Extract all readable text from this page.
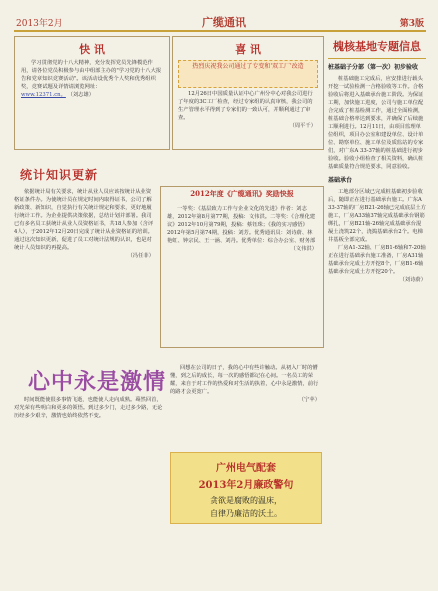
2013年2月	广缆通讯	第3版
快 讯

学习贯彻党的十八大精神，充分发挥党员先锋模范作用，请各位党员积极参与由中组部主办的"学习党的十八大报告和党章知识竞赛活动"。该活动设优秀个人奖和优秀组织奖，竞赛试题及详情请浏览网址：

www.12371.cn。 （刘志雄）
喜 讯
热烈庆祝我公司通过了专变和'双工厂'改造

12月26日中国质量认证中心广州分中心对我公司进行了年度的3C工厂检查，经过专家组的认真审核，我公司的生产管理水平得到了专家们的一致认可，并顺利通过了审查。

（周平千）
统计知识更新

依据统计局有关要求，统计从业人员应该按统计从业资格证条件办。为使统计员在规定时间内取得证书，公司了解新政策、新知识，自觉执行有关统计规定和要求，更好地履行统计工作。为企业提供决策依据，总结计划并部署。我司已有多名员工获统计从业人员资格证书，共18人参加（含评4人），于2012年12月20日完成了统计从业资格证的培训。通过这次知识更新，促进了员工对统计法规的认识，也是对统计人员知识的再提高。

（冯任菲）
2012年度《广缆通讯》奖励快报

一等奖：《基层致力工作与企业文化的先进》作者：刘志雄，2012年第8月第77期，投稿：文伟洪。二等奖：《合理化建议》2012年10月第79期，投稿：蔡钰珠；《我的实习感悟》2012年第5月第74期，投稿：刘芳。优秀通讯员：刘诗蔚、林艳虹、钟宗民、王一涵、刘丹。优秀单位：综合办公室、财务部

（文伟洪）
心中永是激情

时间既能使很多事情飞逝，也能使人走向成熟。蓦然回首，对光荣有些明白和更多的领悟。到过多少门，走过多少路，无论历经多少艰辛，激情也始终依然不变。

回想在公司的日子，我的心中有些许触动。从初入厂时的懵懂，到之后的成长，每一次的感悟都记在心间。一名员工的荣耀，来自于对工作的热爱和对生活的执着，心中永是激情，前行的路才会更宽广。

（宁苹）
广州电气配套
2013年2月廉政警句
贪欲是腐败的温床，
自律乃廉洁的沃土。
槐核基地专题信息
桩基础子分部（第一次）初步验收

桩基础施工完成后，应安排进行载头开挖一试验检测一合格验收等工作。合格验收后将进入基础承台施工阶段。为保证工期，加快施工进度，公司与施工单位配合完成了桩基检测工作，通过全面检测，桩基础合格率达到要求，并确保了后续施工顺利进行。12月11日，由项目监理单位组织，项目办公室和建设单位、设计单位、勘察单位、施工单位及质监站的专家们，对广东A 33-37轴的桩基础进行初步验收。验收小组检查了相关资料，确认桩基础质量符合规范要求，同意验收。

基础承台

工地部分区域已完成桩基础初步验收后，随即正在进行基础承台施工。广东A 33-37轴的厂房B21-26轴已完成底层土方施工，厂房A33轴37轴完成基础承台钢筋绑扎，厂房B21轴-26轴完成基础承台混凝土浇筑22个，浇捣基础承台2个。电梯井基板全部完成。

厂房A1-32轴、厂房B1-6轴和7-20轴正在进行基础承台施工准备，厂房A31轴基础承台完成土方开挖8个，厂房B1-6轴基础承台完成土方开挖20个。

（刘诗蔚）
